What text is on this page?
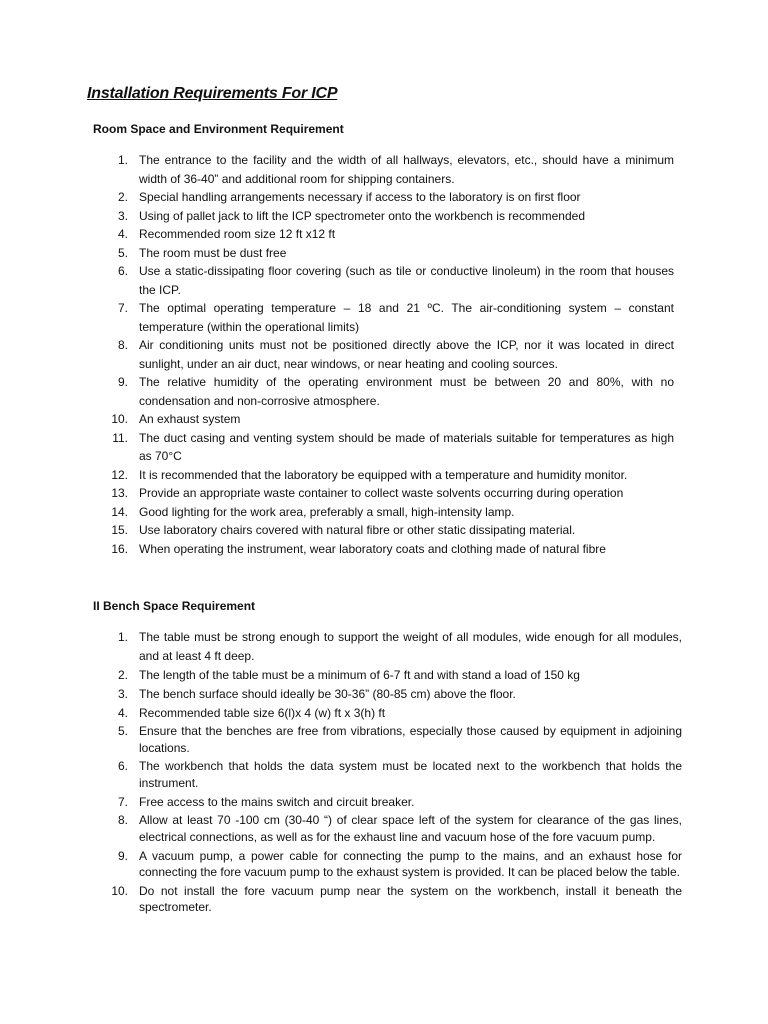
Installation Requirements For ICP
Room Space and Environment Requirement
1. The entrance to the facility and the width of all hallways, elevators, etc., should have a minimum width of 36-40” and additional room for shipping containers.
2. Special handling arrangements necessary if access to the laboratory is on first floor
3. Using of pallet jack to lift the ICP spectrometer onto the workbench is recommended
4. Recommended room size 12 ft x12 ft
5. The room must be dust free
6. Use a static-dissipating floor covering (such as tile or conductive linoleum) in the room that houses the ICP.
7. The optimal operating temperature – 18 and 21 ºC. The air-conditioning system – constant temperature (within the operational limits)
8. Air conditioning units must not be positioned directly above the ICP, nor it was located in direct sunlight, under an air duct, near windows, or near heating and cooling sources.
9. The relative humidity of the operating environment must be between 20 and 80%, with no condensation and non-corrosive atmosphere.
10. An exhaust system
11. The duct casing and venting system should be made of materials suitable for temperatures as high as 70°C
12. It is recommended that the laboratory be equipped with a temperature and humidity monitor.
13. Provide an appropriate waste container to collect waste solvents occurring during operation
14. Good lighting for the work area, preferably a small, high-intensity lamp.
15. Use laboratory chairs covered with natural fibre or other static dissipating material.
16. When operating the instrument, wear laboratory coats and clothing made of natural fibre
II Bench Space Requirement
1. The table must be strong enough to support the weight of all modules, wide enough for all modules, and at least 4 ft deep.
2. The length of the table must be a minimum of 6-7 ft and with stand a load of 150 kg
3. The bench surface should ideally be 30-36” (80-85 cm) above the floor.
4. Recommended table size 6(l)x 4 (w) ft x 3(h) ft
5. Ensure that the benches are free from vibrations, especially those caused by equipment in adjoining locations.
6. The workbench that holds the data system must be located next to the workbench that holds the instrument.
7. Free access to the mains switch and circuit breaker.
8. Allow at least 70 -100 cm (30-40 “) of clear space left of the system for clearance of the gas lines, electrical connections, as well as for the exhaust line and vacuum hose of the fore vacuum pump.
9. A vacuum pump, a power cable for connecting the pump to the mains, and an exhaust hose for connecting the fore vacuum pump to the exhaust system is provided. It can be placed below the table.
10. Do not install the fore vacuum pump near the system on the workbench, install it beneath the spectrometer.
